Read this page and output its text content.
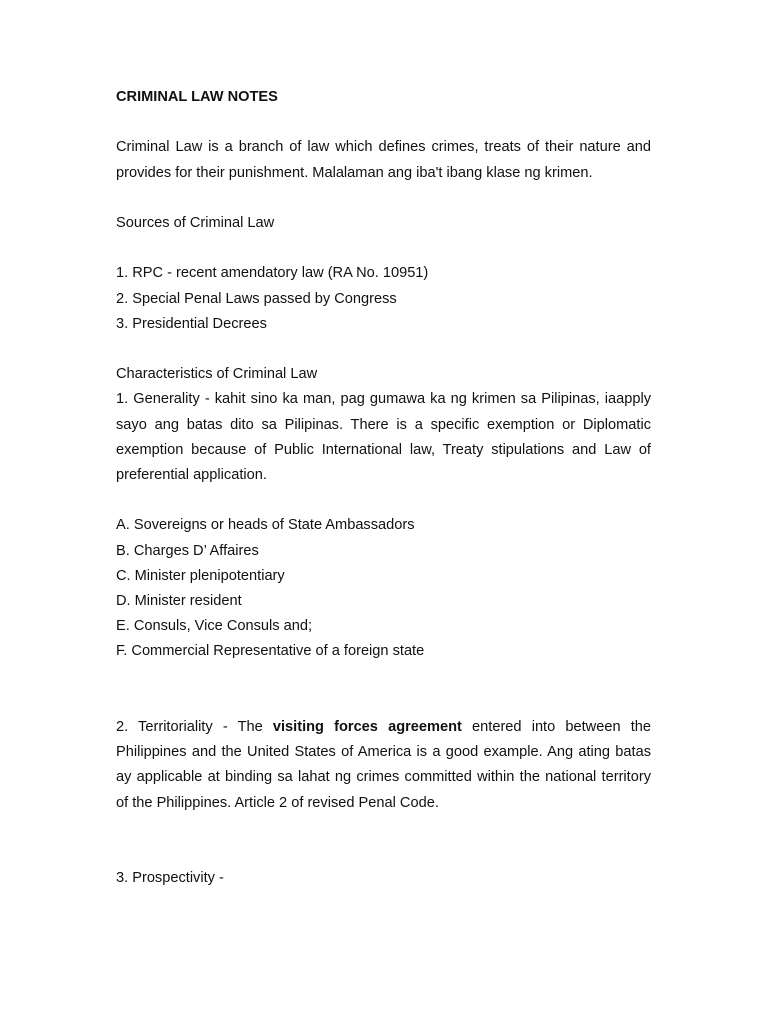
CRIMINAL LAW NOTES

Criminal Law is a branch of law which defines crimes, treats of their nature and provides for their punishment. Malalaman ang iba't ibang klase ng krimen.

Sources of Criminal Law

1. RPC - recent amendatory law (RA No. 10951)

2. Special Penal Laws passed by Congress

3. Presidential Decrees

Characteristics of Criminal Law

1. Generality - kahit sino ka man, pag gumawa ka ng krimen sa Pilipinas, iaapply sayo ang batas dito sa Pilipinas. There is a specific exemption or Diplomatic exemption because of Public International law, Treaty stipulations and Law of preferential application.

A. Sovereigns or heads of State Ambassadors

B. Charges D’ Affaires

C. Minister plenipotentiary

D. Minister resident

E. Consuls, Vice Consuls and;

F. Commercial Representative of a foreign state

2. Territoriality - The visiting forces agreement entered into between the Philippines and the United States of America is a good example. Ang ating batas ay applicable at binding sa lahat ng crimes committed within the national territory of the Philippines. Article 2 of revised Penal Code.

3. Prospectivity -
